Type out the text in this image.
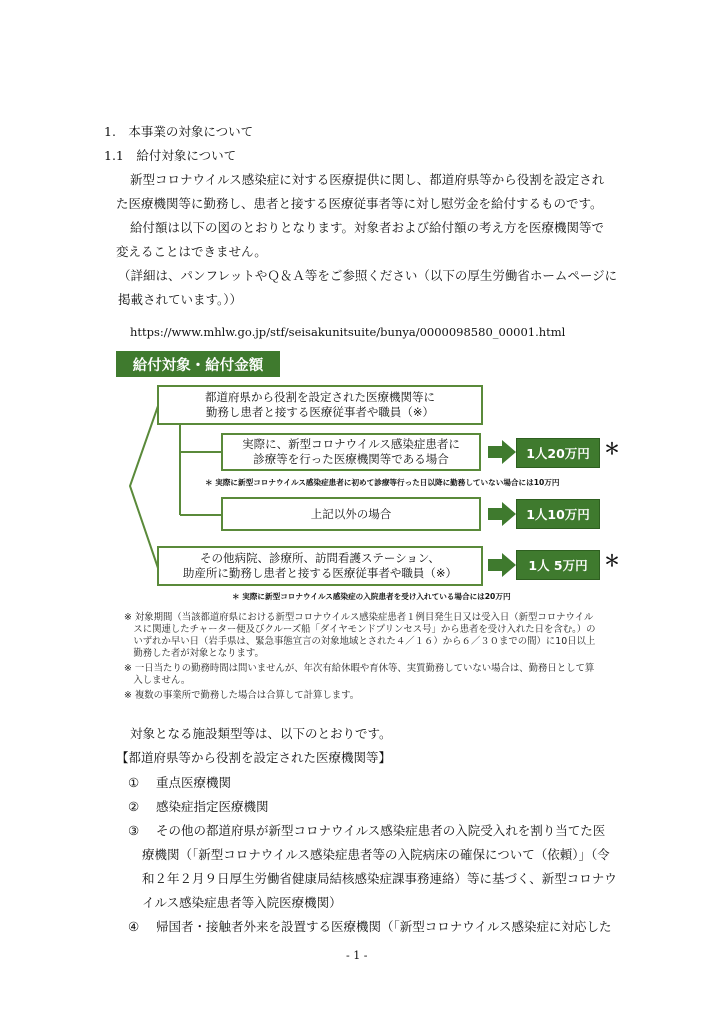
1.　本事業の対象について
1.1　給付対象について
新型コロナウイルス感染症に対する医療提供に関し、都道府県等から役割を設定され
た医療機関等に勤務し、患者と接する医療従事者等に対し慰労金を給付するものです。
給付額は以下の図のとおりとなります。対象者および給付額の考え方を医療機関等で
変えることはできません。
（詳細は、パンフレットやＱ＆Ａ等をご参照ください（以下の厚生労働省ホームページに
掲載されています。））
https://www.mhlw.go.jp/stf/seisakunitsuite/bunya/0000098580_00001.html
給付対象・給付金額
都道府県から役割を設定された医療機関等に
勤務し患者と接する医療従事者や職員（※）
実際に、新型コロナウイルス感染症患者に
診療等を行った医療機関等である場合	1人20万円 ＊
＊ 実際に新型コロナウイルス感染症患者に初めて診療等行った日以降に勤務していない場合には10万円
上記以外の場合	1人10万円
その他病院、診療所、訪問看護ステーション、
助産所に勤務し患者と接する医療従事者や職員（※）	1人 5万円	＊
＊ 実際に新型コロナウイルス感染症の入院患者を受け入れている場合には20万円
※ 対象期間（当該都道府県における新型コロナウイルス感染症患者１例目発生日又は受入日（新型コロナウイル
　スに関連したチャーター便及びクルーズ船「ダイヤモンドプリンセス号」から患者を受け入れた日を含む。）の
　いずれか早い日（岩手県は、緊急事態宣言の対象地域とされた４／１６）から６／３０までの間）に10日以上
　勤務した者が対象となります。
※ 一日当たりの勤務時間は問いませんが、年次有給休暇や育休等、実質勤務していない場合は、勤務日として算
　入しません。
※ 複数の事業所で勤務した場合は合算して計算します。
対象となる施設類型等は、以下のとおりです。
【都道府県等から役割を設定された医療機関等】
① 重点医療機関
② 感染症指定医療機関
③ その他の都道府県が新型コロナウイルス感染症患者の入院受入れを割り当てた医
療機関（「新型コロナウイルス感染症患者等の入院病床の確保について（依頼）」（令
和２年２月９日厚生労働省健康局結核感染症課事務連絡）等に基づく、新型コロナウ
イルス感染症患者等入院医療機関）
④ 帰国者・接触者外来を設置する医療機関（「新型コロナウイルス感染症に対応した
- 1 -
